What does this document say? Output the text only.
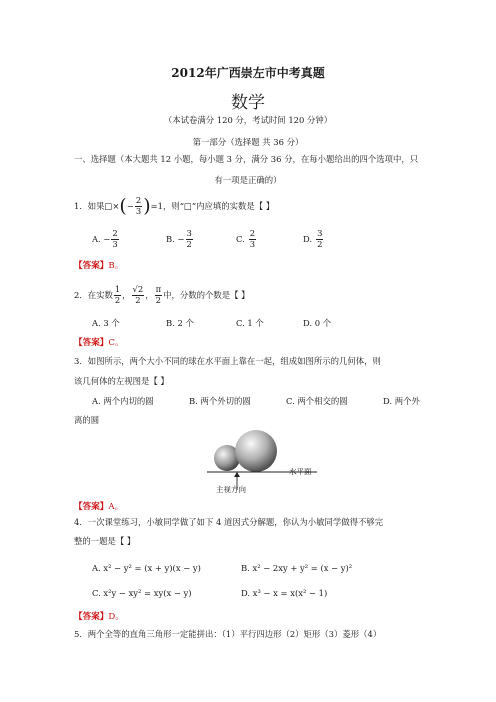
2012年广西崇左市中考真题
数学
（本试卷满分 120 分，考试时间 120 分钟）
第一部分（选择题 共 36 分）
一、选择题（本大题共 12 小题，每小题 3 分，满分 36 分，在每小题给出的四个选项中，只
有一项是正确的）
1．如果□× ( − $\frac{2}{3}$ ) =1，则“□”内应填的实数是【 】
A. − $\frac{2}{3}$	B. − $\frac{3}{2}$	C. $\frac{2}{3}$	D. $\frac{3}{2}$
【答案】B。
2．在实数 $\frac{1}{2}$ ， $\frac{√2}{2}$ ， $\frac{\pi}{2}$ 中，分数的个数是【 】
A. 3 个	B. 2 个	C. 1 个	D. 0 个
【答案】C。
3．如图所示，两个大小不同的球在水平面上靠在一起，组成如图所示的几何体，则
该几何体的左视图是【 】
A. 两个内切的圆	B. 两个外切的圆	C. 两个相交的圆	D. 两个外
离的圆
水平面
主视方向
【答案】A。
4．一次课堂练习，小敏同学做了如下 4 道因式分解题，你认为小敏同学做得不够完
整的一题是【 】
A. x² − y² = (x + y)(x − y)	B. x² − 2xy + y² = (x − y)²
C. x²y − xy² = xy(x − y)	D. x³ − x = x(x² − 1)
【答案】D。
5．两个全等的直角三角形一定能拼出：（1）平行四边形（2）矩形（3）菱形（4）
